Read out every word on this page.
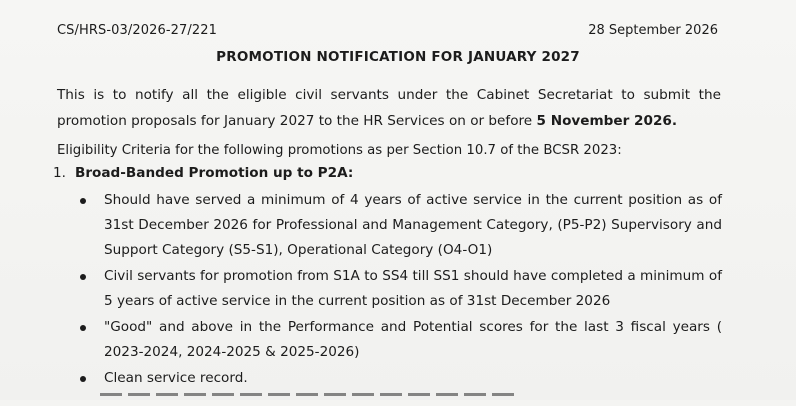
CS/HRS-03/2026-27/221	28 September 2026
PROMOTION NOTIFICATION FOR JANUARY 2027
This is to notify all the eligible civil servants under the Cabinet Secretariat to submit the promotion proposals for January 2027 to the HR Services on or before 5 November 2026.
Eligibility Criteria for the following promotions as per Section 10.7 of the BCSR 2023:
1. Broad-Banded Promotion up to P2A:
Should have served a minimum of 4 years of active service in the current position as of 31st December 2026 for Professional and Management Category, (P5-P2) Supervisory and Support Category (S5-S1), Operational Category (O4-O1)
Civil servants for promotion from S1A to SS4 till SS1 should have completed a minimum of 5 years of active service in the current position as of 31st December 2026
"Good" and above in the Performance and Potential scores for the last 3 fiscal years ( 2023-2024, 2024-2025 & 2025-2026)
Clean service record.
